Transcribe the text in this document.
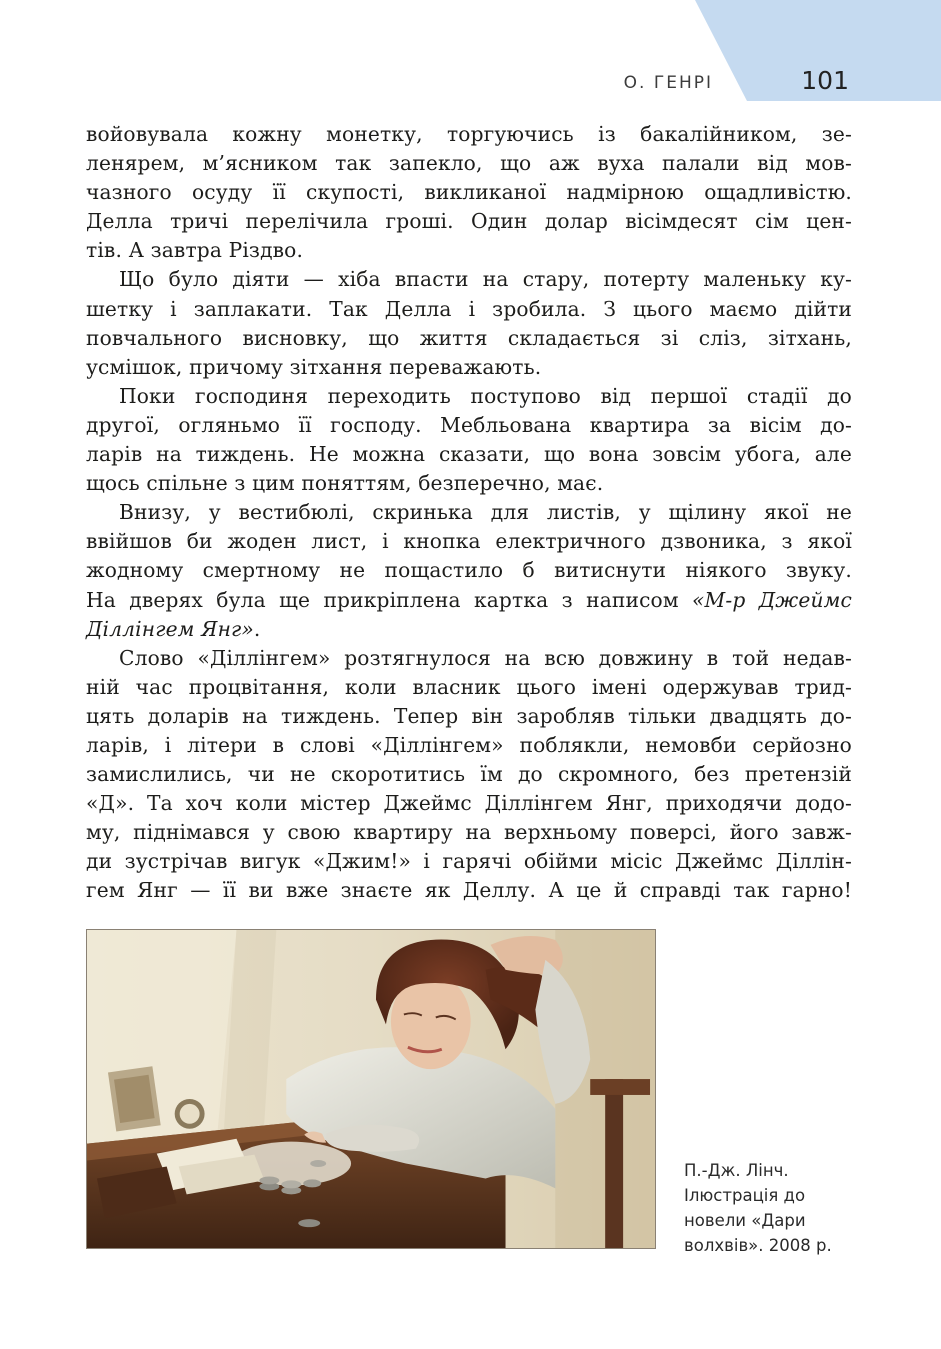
О. ГЕНРІ	101

войовувала кожну монетку, торгуючись із бакалійником, зе-
ленярем, м’ясником так запекло, що аж вуха палали від мов-
чазного осуду її скупості, викликаної надмірною ощадливістю.
Делла тричі перелічила гроші. Один долар вісімдесят сім цен-

тів. А завтра Різдво.

Що було діяти — хіба впасти на стару, потерту маленьку ку-

шетку і заплакати. Так Делла і зробила. З цього маємо дійти
повчального висновку, що життя складається зі сліз, зітхань,

усмішок, причому зітхання переважають.

Поки господиня переходить поступово від першої стадії до

другої, огляньмо її господу. Мебльована квартира за вісім до-
ларів на тиждень. Не можна сказати, що вона зовсім убога, але

щось спільне з цим поняттям, безперечно, має.

Внизу, у вестибюлі, скринька для листів, у щілину якої не

ввійшов би жоден лист, і кнопка електричного дзвоника, з якої
жодному смертному не пощастило б витиснути ніякого звуку.
На дверях була ще прикріплена картка з написом «М-р Джеймс

Діллінгем Янг».

Слово «Діллінгем» розтягнулося на всю довжину в той недав-

ній час процвітання, коли власник цього імені одержував трид-
цять доларів на тиждень. Тепер він заробляв тільки двадцять до-
ларів, і літери в слові «Діллінгем» поблякли, немовби серйозно
замислились, чи не скоротитись їм до скромного, без претензій
«Д». Та хоч коли містер Джеймс Діллінгем Янг, приходячи додо-
му, піднімався у свою квартиру на верхньому поверсі, його завж-
ди зустрічав вигук «Джим!» і гарячі обійми місіс Джеймс Діллін-
гем Янг — її ви вже знаєте як Деллу. А це й справді так гарно!

П.-Дж. Лінч.
Ілюстрація до
новели «Дари
волхвів». 2008 р.
